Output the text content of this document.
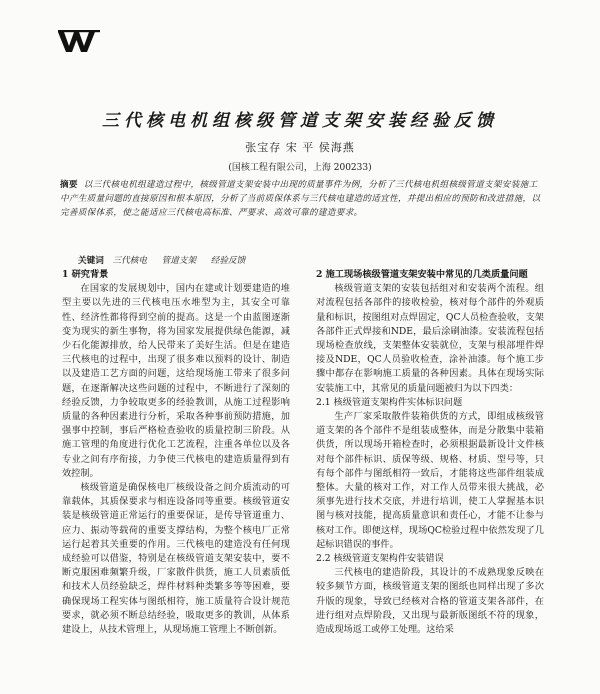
三代核电机组核级管道支架安装经验反馈
张宝存 宋 平 侯海燕
(国核工程有限公司，上海 200233)
摘要 以三代核电机组建造过程中，核级管道支架安装中出现的质量事件为例，分析了三代核电机组核级管道支架安装施工中产生质量问题的直接原因和根本原因，分析了当前质保体系与三代核电建造的适宜性，并提出相应的预防和改进措施，以完善质保体系，使之能适应三代核电高标准、严要求、高效可靠的建造要求。
关键词 三代核电 管道支架 经验反馈

1 研究背景

在国家的发展规划中，国内在建或计划要建造的堆型主要以先进的三代核电压水堆型为主，其安全可靠性、经济性都将得到空前的提高。这是一个由蓝图逐渐变为现实的新生事物，将为国家发展提供绿色能源，减少石化能源排放，给人民带来了美好生活。但是在建造三代核电的过程中，出现了很多难以预料的设计、制造以及建造工艺方面的问题，这给现场施工带来了很多问题，在逐渐解决这些问题的过程中，不断进行了深刻的经验反馈，力争较取更多的经验教训，从施工过程影响质量的各种因素进行分析，采取各种事前预防措施，加强事中控制，事后严格检查验收的质量控制三阶段。从施工管理的角度进行优化工艺流程，注重各单位以及各专业之间有序衔接，力争使三代核电的建造质量得到有效控制。

核级管道是确保核电厂核级设备之间介质流动的可靠载体，其质保要求与相连设备同等重要。核级管道安装是核级管道正常运行的重要保证，是传导管道重力、应力、振动等载荷的重要支撑结构，为整个核电厂正常运行起着其关重要的作用。三代核电的建造没有任何现成经验可以借鉴，特别是在核级管道支架安装中，要不断克服困难频繁升级，厂家散件供货，施工人员素质低和技术人员经验缺乏，焊件材料种类繁多等等困难，要确保现场工程实体与图纸相符，施工质量符合设计规范要求，就必须不断总结经验，吸取更多的教训，从体系建设上，从技术管理上，从现场施工管理上不断创新。

2 施工现场核级管道支架安装中常见的几类质量问题

核级管道支架的安装包括组对和安装两个流程。组对流程包括各部件的接收检验，核对每个部件的外观质量和标识，按图组对点焊固定，QC人员检查验收，支架各部件正式焊接和NDE，最后涂刷油漆。安装流程包括现场检查放线，支架整体安装就位，支架与根部埋件焊接及NDE，QC人员验收检查，涂补油漆。每个施工步骤中都存在影响施工质量的各种因素。具体在现场实际安装施工中，其常见的质量问题被归为以下四类：

2.1 核级管道支架构件实体标识问题

生产厂家采取散件装箱供货的方式，即组成核级管道支架的各个部件不是组装成整体，而是分散集中装箱供货，所以现场开箱检查时，必须根据最新设计文件核对每个部件标识、质保等级、规格、材质、型号等，只有每个部件与图纸相符一致后，才能将这些部件组装成整体。大量的核对工作，对工作人员带来很大挑战，必须事先进行技术交底，并进行培训，使工人掌握基本识图与核对技能，提高质量意识和责任心，才能不让参与核对工作。即便这样，现场QC检验过程中依然发现了几起标识错误的事件。

2.2 核级管道支架构件安装错误

三代核电的建造阶段，其设计的不成熟现象反映在较多频节方面，核级管道支架的图纸也同样出现了多次升版的现象，导致已经核对合格的管道支架各部件，在进行组对点焊阶段，又出现与最新版图纸不符的现象，造成现场返工或停工处理。这给采
